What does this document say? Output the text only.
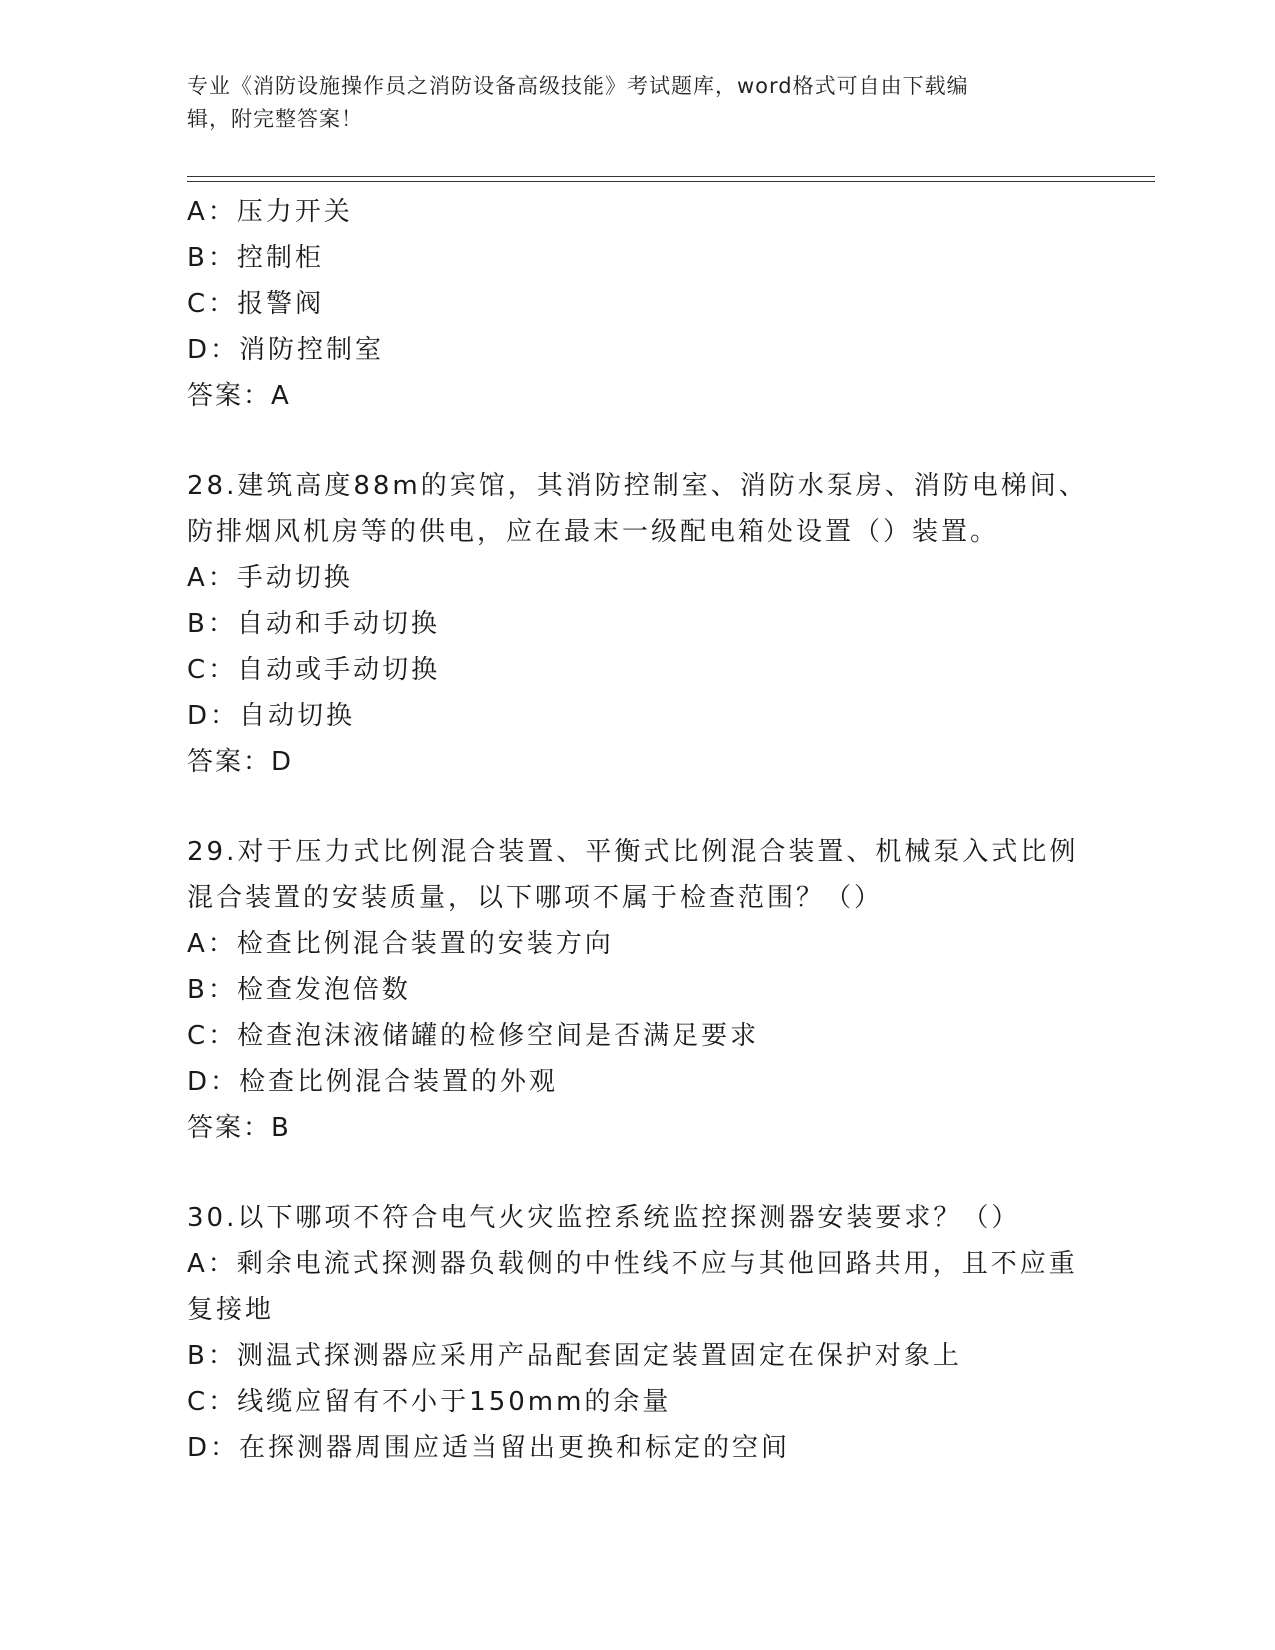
专业《消防设施操作员之消防设备高级技能》考试题库，word格式可自由下载编
辑，附完整答案！
A：压力开关
B：控制柜
C：报警阀
D：消防控制室
答案：A
28.建筑高度88m的宾馆，其消防控制室、消防水泵房、消防电梯间、
防排烟风机房等的供电，应在最末一级配电箱处设置（）装置。
A：手动切换
B：自动和手动切换
C：自动或手动切换
D：自动切换
答案：D
29.对于压力式比例混合装置、平衡式比例混合装置、机械泵入式比例
混合装置的安装质量，以下哪项不属于检查范围？（）
A：检查比例混合装置的安装方向
B：检查发泡倍数
C：检查泡沫液储罐的检修空间是否满足要求
D：检查比例混合装置的外观
答案：B
30.以下哪项不符合电气火灾监控系统监控探测器安装要求？（）
A：剩余电流式探测器负载侧的中性线不应与其他回路共用，且不应重
复接地
B：测温式探测器应采用产品配套固定装置固定在保护对象上
C：线缆应留有不小于150mm的余量
D：在探测器周围应适当留出更换和标定的空间
